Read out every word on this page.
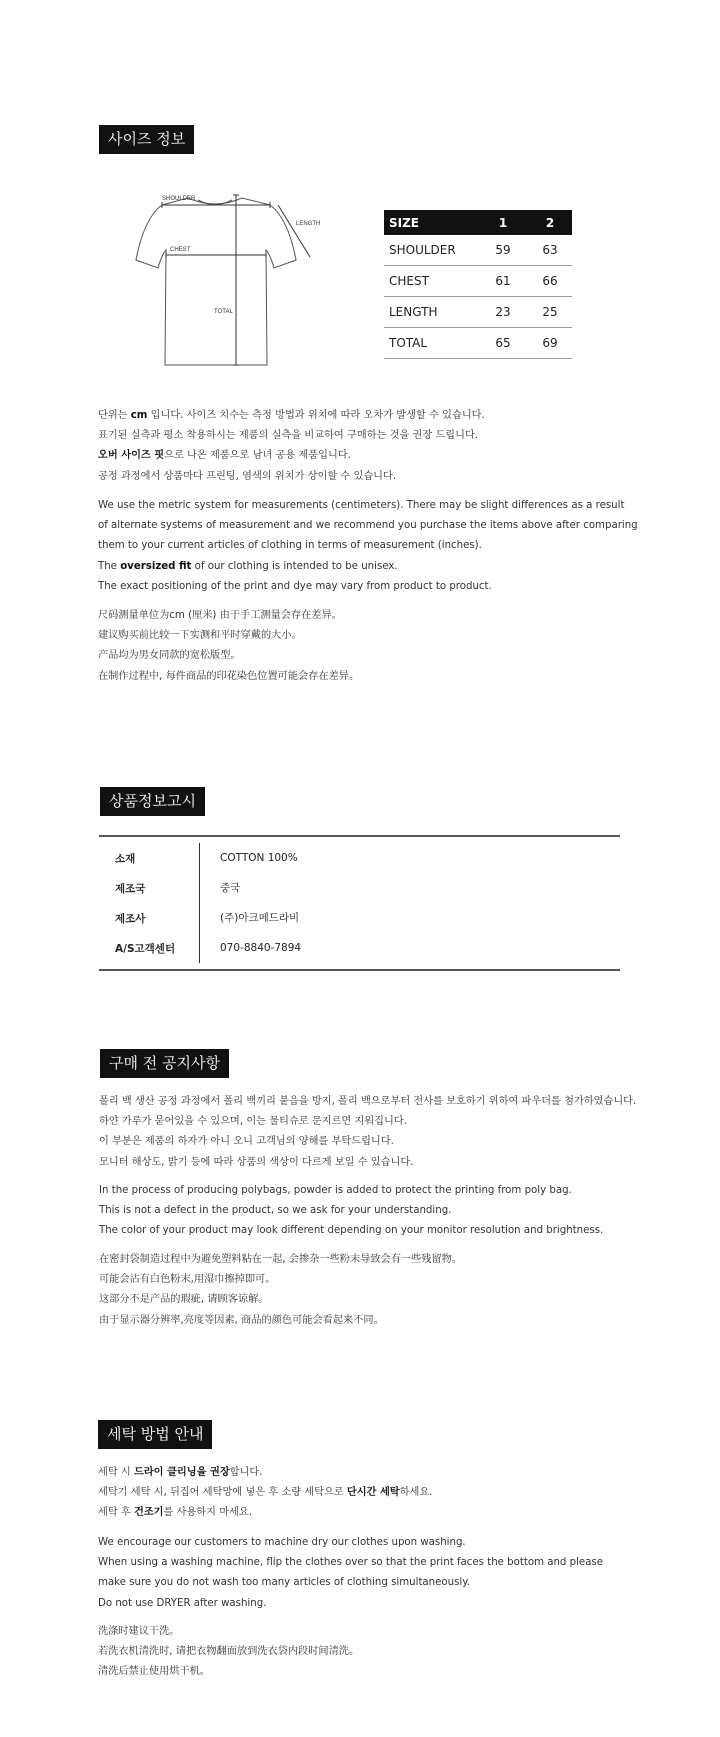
사이즈 정보
SHOULDER
LENGTH
CHEST
TOTAL
SIZE	1	2
SHOULDER	59	63
CHEST	61	66
LENGTH	23	25
TOTAL	65	69
단위는 cm 입니다. 사이즈 치수는 측정 방법과 위치에 따라 오차가 발생할 수 있습니다.
표기된 실측과 평소 착용하시는 제품의 실측을 비교하여 구매하는 것을 권장 드립니다.
오버 사이즈 핏으로 나온 제품으로 남녀 공용 제품입니다.
공정 과정에서 상품마다 프린팅, 염색의 위치가 상이할 수 있습니다.
We use the metric system for measurements (centimeters). There may be slight differences as a result
of alternate systems of measurement and we recommend you purchase the items above after comparing
them to your current articles of clothing in terms of measurement (inches).
The oversized fit of our clothing is intended to be unisex.
The exact positioning of the print and dye may vary from product to product.
尺码测量单位为cm (厘米) 由于手工测量会存在差异。
建议购买前比较一下实测和平时穿戴的大小。
产品均为男女同款的宽松版型。
在制作过程中, 每件商品的印花染色位置可能会存在差异。
상품정보고시
소재	COTTON 100%
제조국	중국
제조사	(주)아크메드라비
A/S고객센터	070-8840-7894
구매 전 공지사항
폴리 백 생산 공정 과정에서 폴리 백끼리 붙음을 방지, 폴리 백으로부터 전사를 보호하기 위하여 파우더를 첨가하였습니다.
하얀 가루가 묻어있을 수 있으며, 이는 물티슈로 문지르면 지워집니다.
이 부분은 제품의 하자가 아니 오니 고객님의 양해를 부탁드립니다.
모니터 해상도, 밝기 등에 따라 상품의 색상이 다르게 보일 수 있습니다.
In the process of producing polybags, powder is added to protect the printing from poly bag.
This is not a defect in the product, so we ask for your understanding.
The color of your product may look different depending on your monitor resolution and brightness.
在密封袋制造过程中为避免塑料粘在一起, 会掺杂一些粉末导致会有一些残留物。
可能会沾有白色粉末,用湿巾擦掉即可。
这部分不是产品的瑕疵, 请顾客谅解。
由于显示器分辨率,亮度等因素, 商品的颜色可能会看起来不同。
세탁 방법 안내
세탁 시 드라이 클리닝을 권장합니다.
세탁기 세탁 시, 뒤집어 세탁망에 넣은 후 소량 세탁으로 단시간 세탁하세요.
세탁 후 건조기를 사용하지 마세요.
We encourage our customers to machine dry our clothes upon washing.
When using a washing machine, flip the clothes over so that the print faces the bottom and please
make sure you do not wash too many articles of clothing simultaneously.
Do not use DRYER after washing.
洗涤时建议干洗。
若洗衣机清洗时, 请把衣物翻面放到洗衣袋内段时间清洗。
清洗后禁止使用烘干机。
